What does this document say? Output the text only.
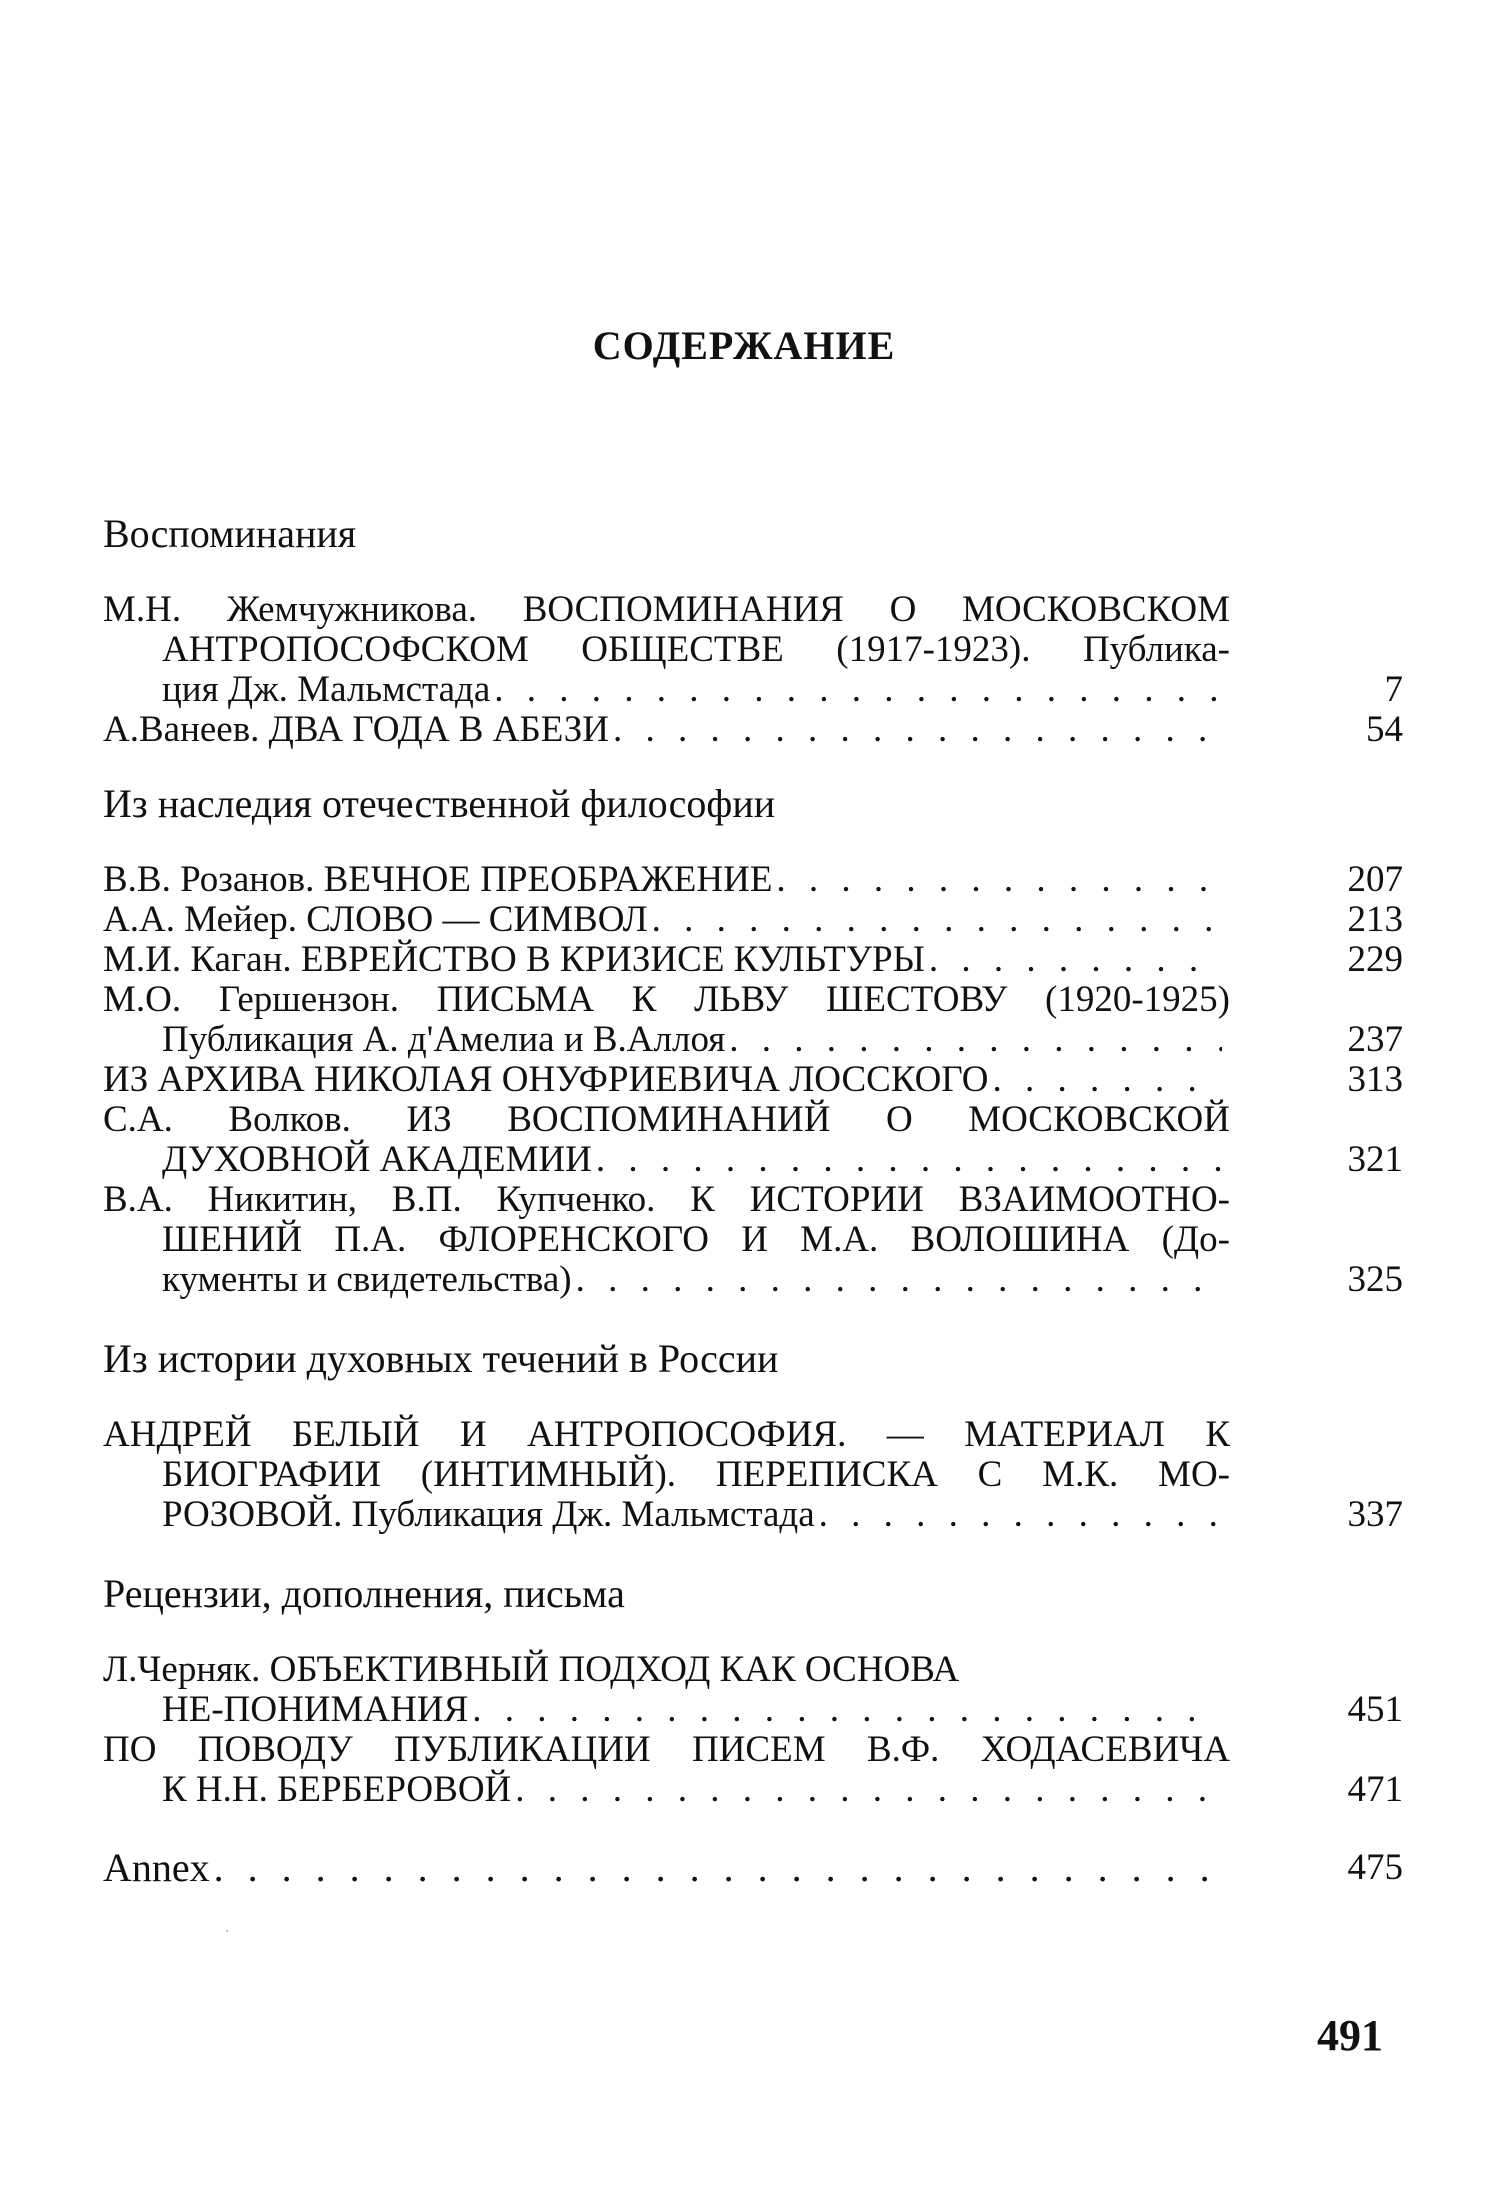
СОДЕРЖАНИЕ
Воспоминания
М.Н. Жемчужникова. ВОСПОМИНАНИЯ О МОСКОВСКОМ
АНТРОПОСОФСКОМ ОБЩЕСТВЕ (1917-1923). Публика-
ция Дж. Мальмстада . . .	7
А.Ванеев. ДВА ГОДА В АБЕЗИ . . .	54
Из наследия отечественной философии
В.В. Розанов. ВЕЧНОЕ ПРЕОБРАЖЕНИЕ . . .	207
А.А. Мейер. СЛОВО — СИМВОЛ . . .	213
М.И. Каган. ЕВРЕЙСТВО В КРИЗИСЕ КУЛЬТУРЫ . . .	229
М.О. Гершензон. ПИСЬМА К ЛЬВУ ШЕСТОВУ (1920-1925)
Публикация А. д'Амелиа и В.Аллоя . . .	237
ИЗ АРХИВА НИКОЛАЯ ОНУФРИЕВИЧА ЛОССКОГО . . .	313
С.А. Волков. ИЗ ВОСПОМИНАНИЙ О МОСКОВСКОЙ
ДУХОВНОЙ АКАДЕМИИ . . .	321
В.А. Никитин, В.П. Купченко. К ИСТОРИИ ВЗАИМООТНО-
ШЕНИЙ П.А. ФЛОРЕНСКОГО И М.А. ВОЛОШИНА (До-
кументы и свидетельства) . . .	325
Из истории духовных течений в России
АНДРЕЙ БЕЛЫЙ И АНТРОПОСОФИЯ. — МАТЕРИАЛ К
БИОГРАФИИ (ИНТИМНЫЙ). ПЕРЕПИСКА С М.К. МО-
РОЗОВОЙ. Публикация Дж. Мальмстада . . .	337
Рецензии, дополнения, письма
Л.Черняк. ОБЪЕКТИВНЫЙ ПОДХОД КАК ОСНОВА
НЕ-ПОНИМАНИЯ . . .	451
ПО ПОВОДУ ПУБЛИКАЦИИ ПИСЕМ В.Ф. ХОДАСЕВИЧА
К Н.Н. БЕРБЕРОВОЙ . . .	471
Annex . . .	475
491
